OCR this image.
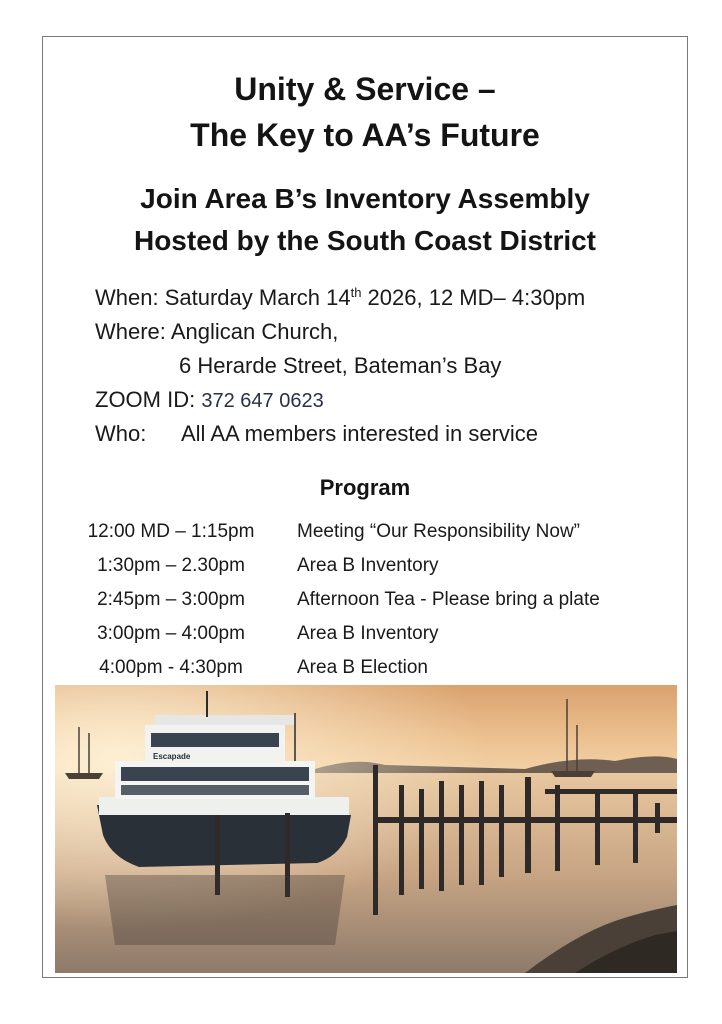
Unity & Service –
The Key to AA’s Future
Join Area B’s Inventory Assembly
Hosted by the South Coast District
When: Saturday March 14th 2026, 12 MD– 4:30pm
Where: Anglican Church,
6 Herarde Street, Bateman’s Bay
ZOOM ID: 372 647 0623
Who: All AA members interested in service
Program
12:00 MD – 1:15pm	Meeting “Our Responsibility Now”
1:30pm – 2.30pm	Area B Inventory
2:45pm – 3:00pm	Afternoon Tea - Please bring a plate
3:00pm – 4:00pm	Area B Inventory
4:00pm - 4:30pm	Area B Election
Escapade
